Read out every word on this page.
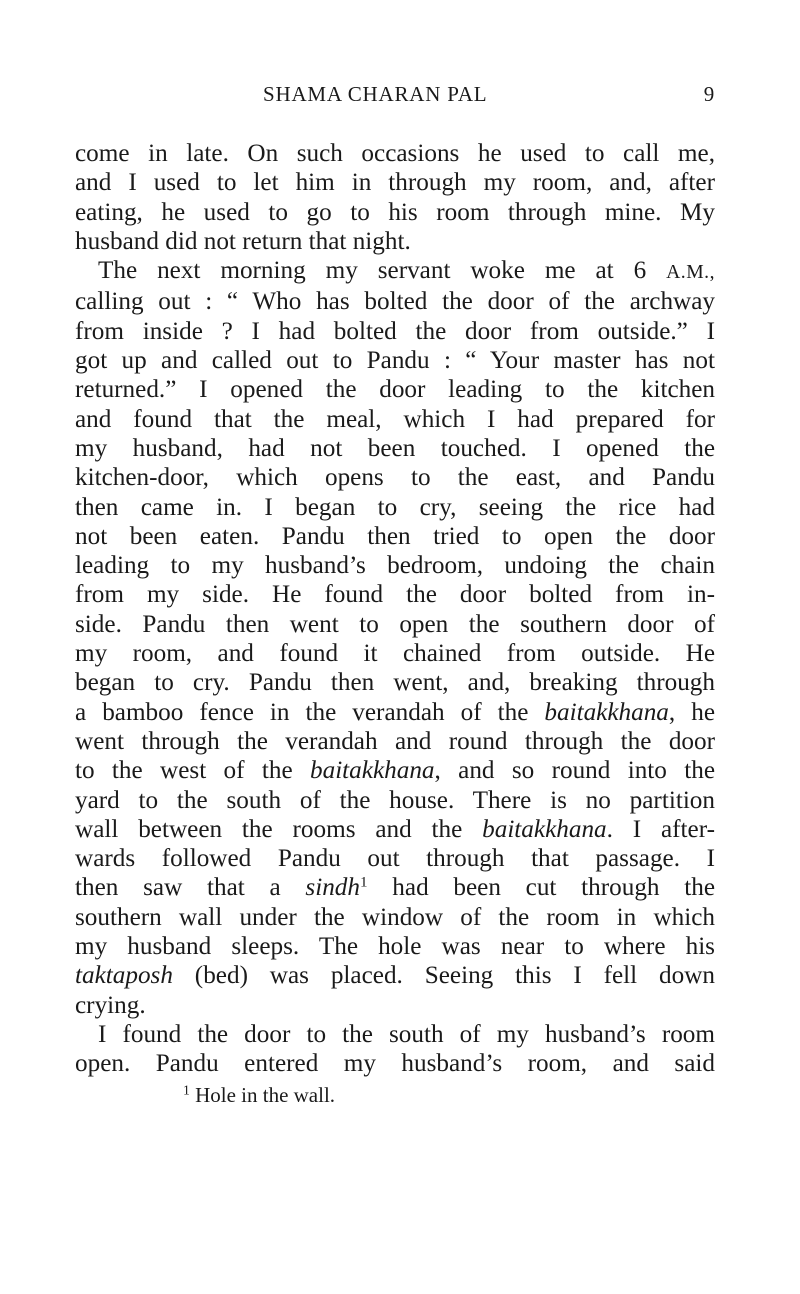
SHAMA CHARAN PAL	9
come in late. On such occasions he used to call me,
and I used to let him in through my room, and, after
eating, he used to go to his room through mine. My
husband did not return that night.
The next morning my servant woke me at 6 A.M.,
calling out : “ Who has bolted the door of the archway
from inside ? I had bolted the door from outside.” I
got up and called out to Pandu : “ Your master has not
returned.” I opened the door leading to the kitchen
and found that the meal, which I had prepared for
my husband, had not been touched. I opened the
kitchen-door, which opens to the east, and Pandu
then came in. I began to cry, seeing the rice had
not been eaten. Pandu then tried to open the door
leading to my husband’s bedroom, undoing the chain
from my side. He found the door bolted from in-
side. Pandu then went to open the southern door of
my room, and found it chained from outside. He
began to cry. Pandu then went, and, breaking through
a bamboo fence in the verandah of the baitakkhana, he
went through the verandah and round through the door
to the west of the baitakkhana, and so round into the
yard to the south of the house. There is no partition
wall between the rooms and the baitakkhana. I after-
wards followed Pandu out through that passage. I
then saw that a sindh$^1$ had been cut through the
southern wall under the window of the room in which
my husband sleeps. The hole was near to where his
taktaposh (bed) was placed. Seeing this I fell down
crying.
I found the door to the south of my husband’s room
open. Pandu entered my husband’s room, and said
$^1$ Hole in the wall.
